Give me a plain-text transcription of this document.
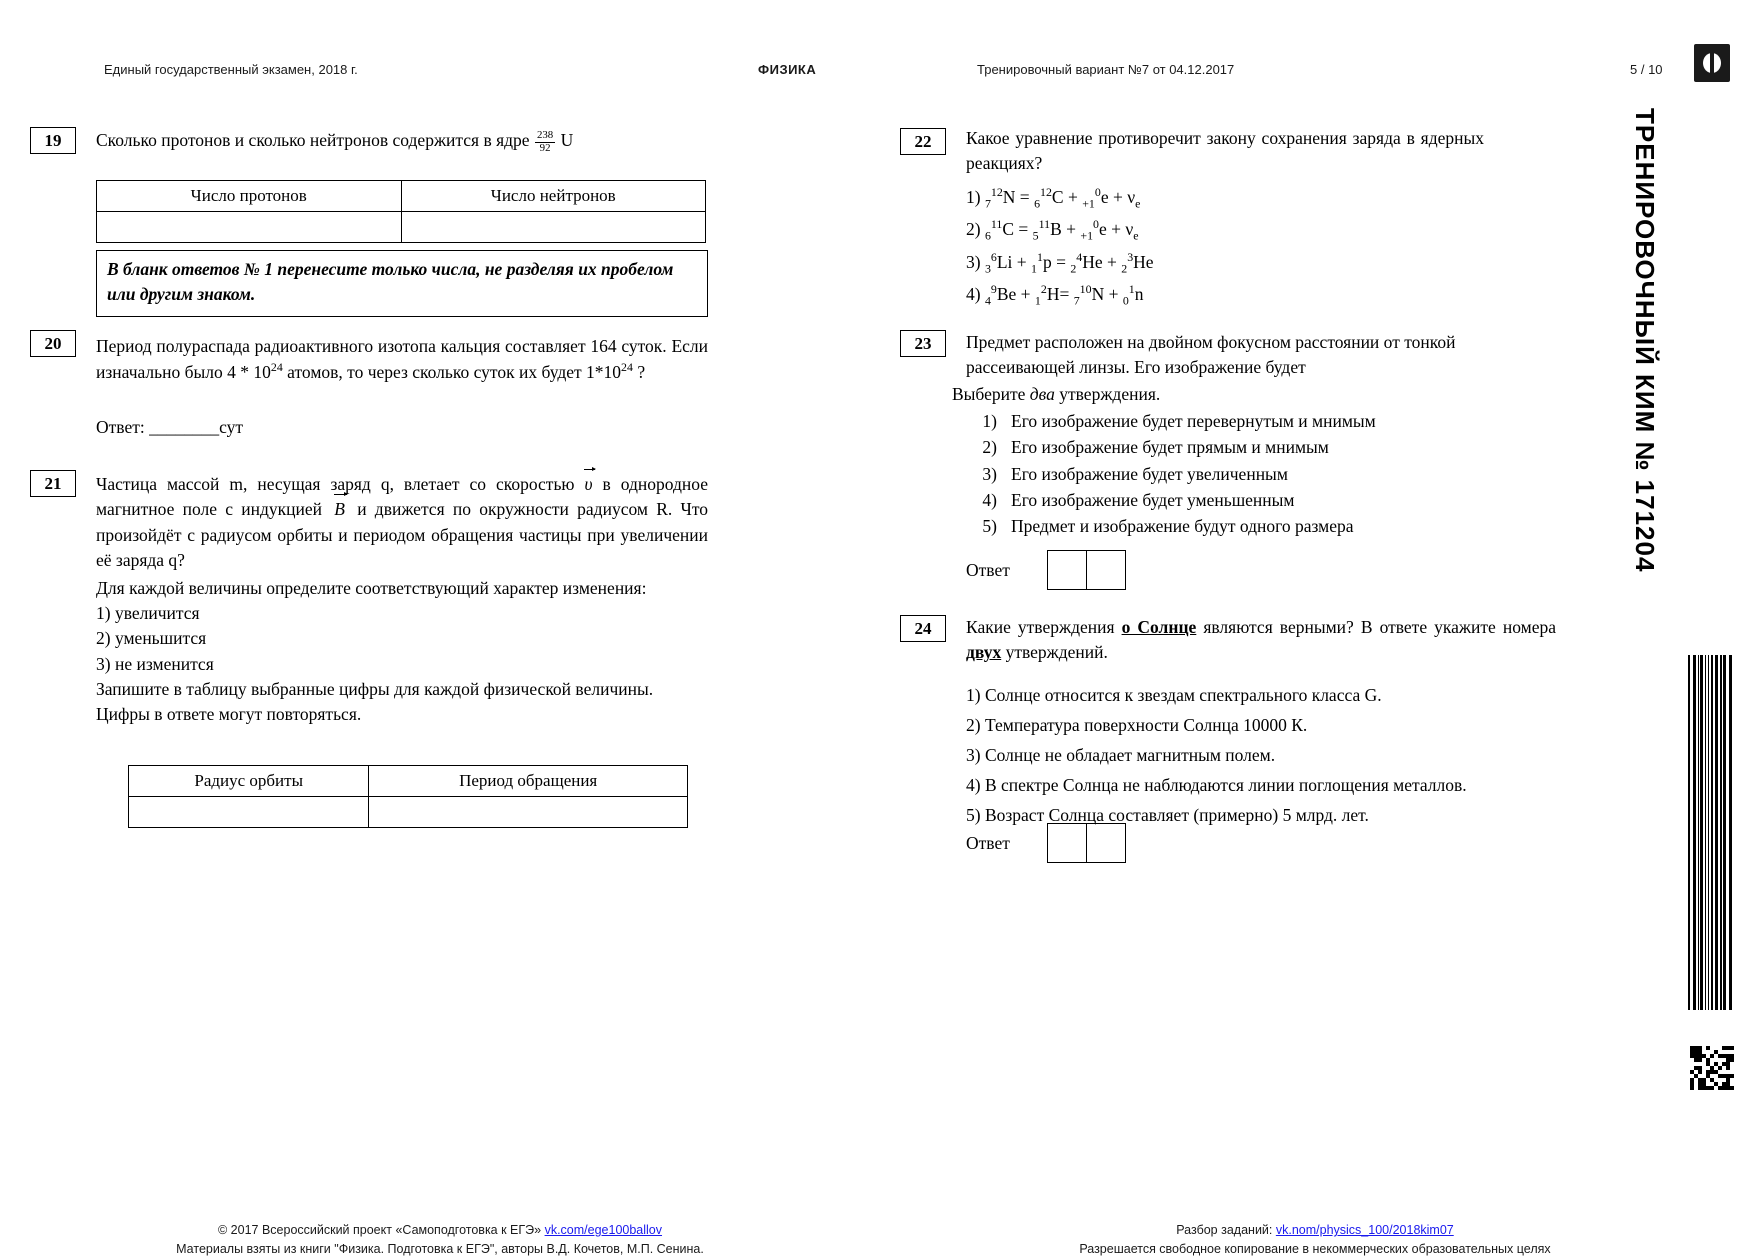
Единый государственный экзамен, 2018 г.	ФИЗИКА	Тренировочный вариант №7 от 04.12.2017	5 / 10
19	Сколько протонов и сколько нейтронов содержится в ядре $\frac{238}{92}$ U
Число протонов	Число нейтронов

В бланк ответов № 1 перенесите только числа, не разделяя их пробелом или другим знаком.
20	Период полураспада радиоактивного изотопа кальция составляет 164 суток. Если изначально было $4 * 10^{24}$ атомов, то через сколько суток их будет $1*10^{24}$ ?
Ответ: ________сут
21	Частица массой m, несущая заряд q, влетает со скоростью υ в однородное магнитное поле с индукцией B и движется по окружности радиусом R. Что произойдёт с радиусом орбиты и периодом обращения частицы при увеличении её заряда q?
Для каждой величины определите соответствующий характер изменения:
1) увеличится
2) уменьшится
3) не изменится
Запишите в таблицу выбранные цифры для каждой физической величины.
Цифры в ответе могут повторяться.
Радиус орбиты	Период обращения

22	Какое уравнение противоречит закону сохранения заряда в ядерных реакциях?
1) $_7^{12}N = _6^{12}C + _{+1}^0e + \nu_e$
2) $_6^{11}C = _5^{11}B + _{+1}^0e + \nu_e$
3) $_3^6$Li + $_1^1$p = $_2^4$He + $_2^3$He
4) $_4^9$Be + $_1^2$H= $_7^{10}$N + $_0^1$n
23	Предмет расположен на двойном фокусном расстоянии от тонкой рассеивающей линзы. Его изображение будет
Выберите два утверждения.
1) Его изображение будет перевернутым и мнимым
2) Его изображение будет прямым и мнимым
3) Его изображение будет увеличенным
4) Его изображение будет уменьшенным
5) Предмет и изображение будут одного размера
Ответ
24	Какие утверждения о Солнце являются верными? В ответе укажите номера двух утверждений.
1) Солнце относится к звездам спектрального класса G.
2) Температура поверхности Солнца 10000 К.
3) Солнце не обладает магнитным полем.
4) В спектре Солнца не наблюдаются линии поглощения металлов.
5) Возраст Солнца составляет (примерно) 5 млрд. лет.
Ответ
ТРЕНИРОВОЧНЫЙ КИМ № 171204
© 2017 Всероссийский проект «Самоподготовка к ЕГЭ» vk.com/ege100ballov
Материалы взяты из книги "Физика. Подготовка к ЕГЭ", авторы В.Д. Кочетов, М.П. Сенина.
Разбор заданий: vk.nom/physics_100/2018kim07
Разрешается свободное копирование в некоммерческих образовательных целях
